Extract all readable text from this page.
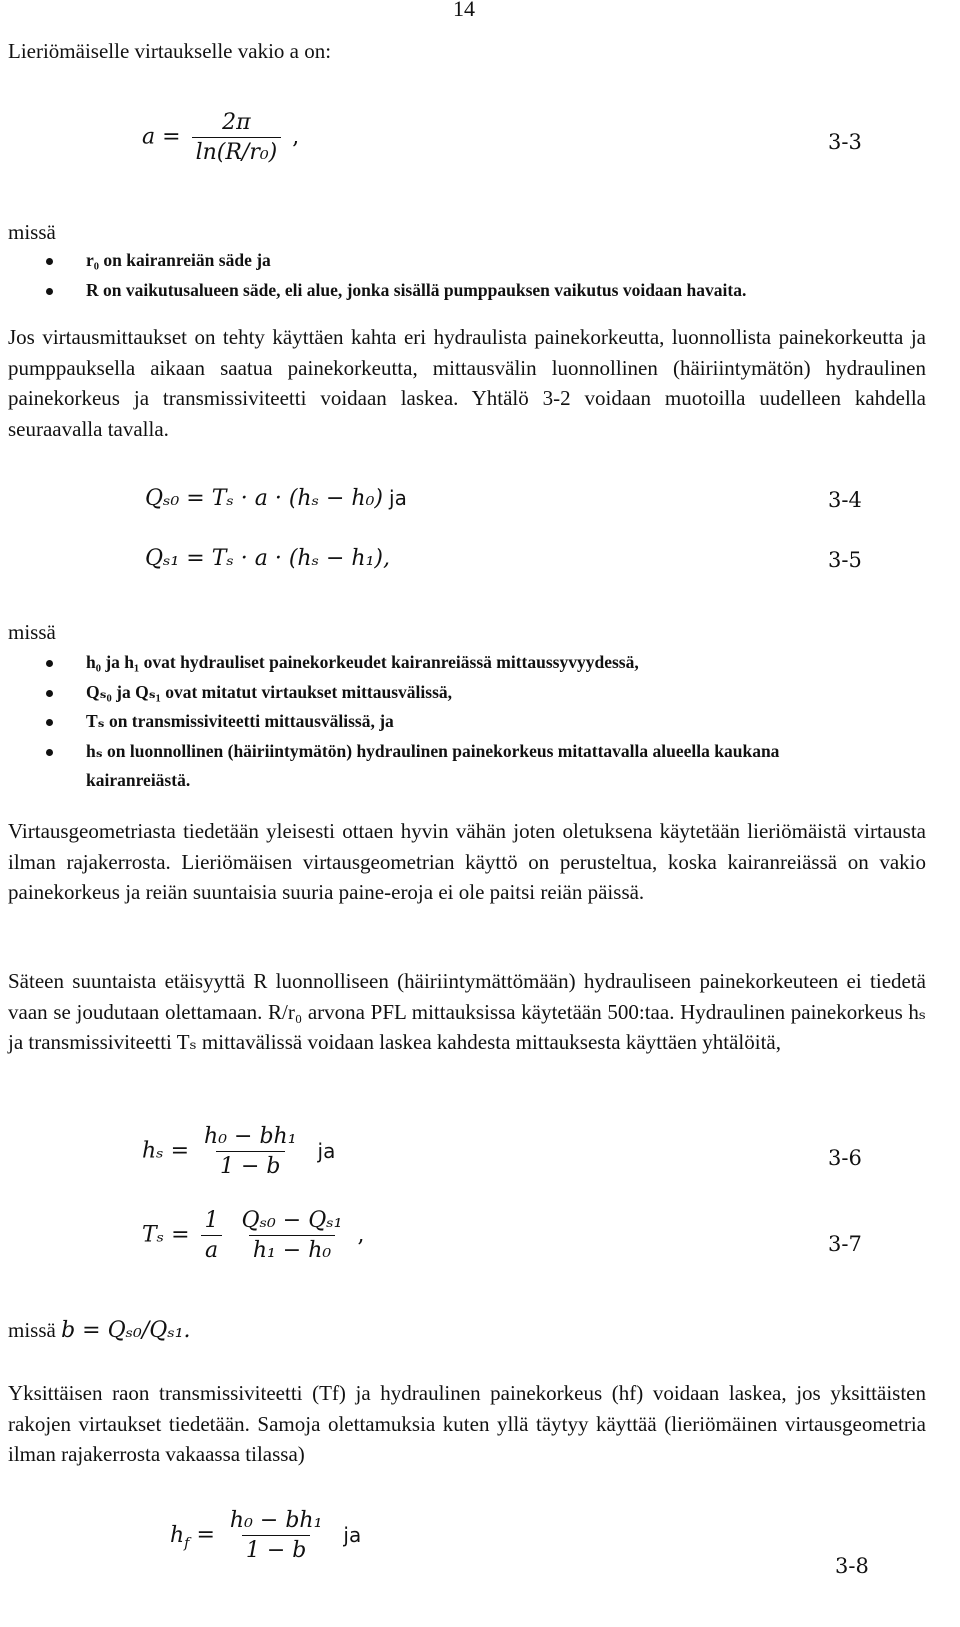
14
Lieriömäiselle virtaukselle vakio a on:
$a = \frac{2\pi}{\text{ln(R/r₀)}}$ ,	3-3
missä
r₀ on kairanreiän säde ja
R on vaikutusalueen säde, eli alue, jonka sisällä pumppauksen vaikutus voidaan havaita.
Jos virtausmittaukset on tehty käyttäen kahta eri hydraulista painekorkeutta, luonnollista painekorkeutta ja pumppauksella aikaan saatua painekorkeutta, mittausvälin luonnollinen (häiriintymätön) hydraulinen painekorkeus ja transmissiviteetti voidaan laskea. Yhtälö 3-2 voidaan muotoilla uudelleen kahdella seuraavalla tavalla.
Qₛ₀ = Tₛ · a · (hₛ − h₀) ja	3-4
Qₛ₁ = Tₛ · a · (hₛ − h₁),	3-5
missä
h₀ ja h₁ ovat hydrauliset painekorkeudet kairanreiässä mittaussyvyydessä,
Qₛ₀ ja Qₛ₁ ovat mitatut virtaukset mittausvälissä,
Tₛ on transmissiviteetti mittausvälissä, ja
hₛ on luonnollinen (häiriintymätön) hydraulinen painekorkeus mitattavalla alueella kaukana kairanreiästä.
Virtausgeometriasta tiedetään yleisesti ottaen hyvin vähän joten oletuksena käytetään lieriömäistä virtausta ilman rajakerrosta. Lieriömäisen virtausgeometrian käyttö on perusteltua, koska kairanreiässä on vakio painekorkeus ja reiän suuntaisia suuria paine-eroja ei ole paitsi reiän päissä.
Säteen suuntaista etäisyyttä R luonnolliseen (häiriintymättömään) hydrauliseen painekorkeuteen ei tiedetä vaan se joudutaan olettamaan. R/r₀ arvona PFL mittauksissa käytetään 500:taa. Hydraulinen painekorkeus hₛ ja transmissiviteetti Tₛ mittavälissä voidaan laskea kahdesta mittauksesta käyttäen yhtälöitä,
$h_s = \frac{\text{h₀ − bh₁}}{1 - b}$ ja	3-6
$T_s = \frac{1}{a}$
$\frac{\text{Qₛ₀ − Qₛ₁}}{\text{h₁ − h₀}}$ ,	3-7
missä b = Qₛ₀/Qₛ₁.
Yksittäisen raon transmissiviteetti (Tf) ja hydraulinen painekorkeus (hf) voidaan laskea, jos yksittäisten rakojen virtaukset tiedetään. Samoja olettamuksia kuten yllä täytyy käyttää (lieriömäinen virtausgeometria ilman rajakerrosta vakaassa tilassa)
$h_f = \frac{\text{h₀ − bh₁}}{1 - b}$ ja
3-8
